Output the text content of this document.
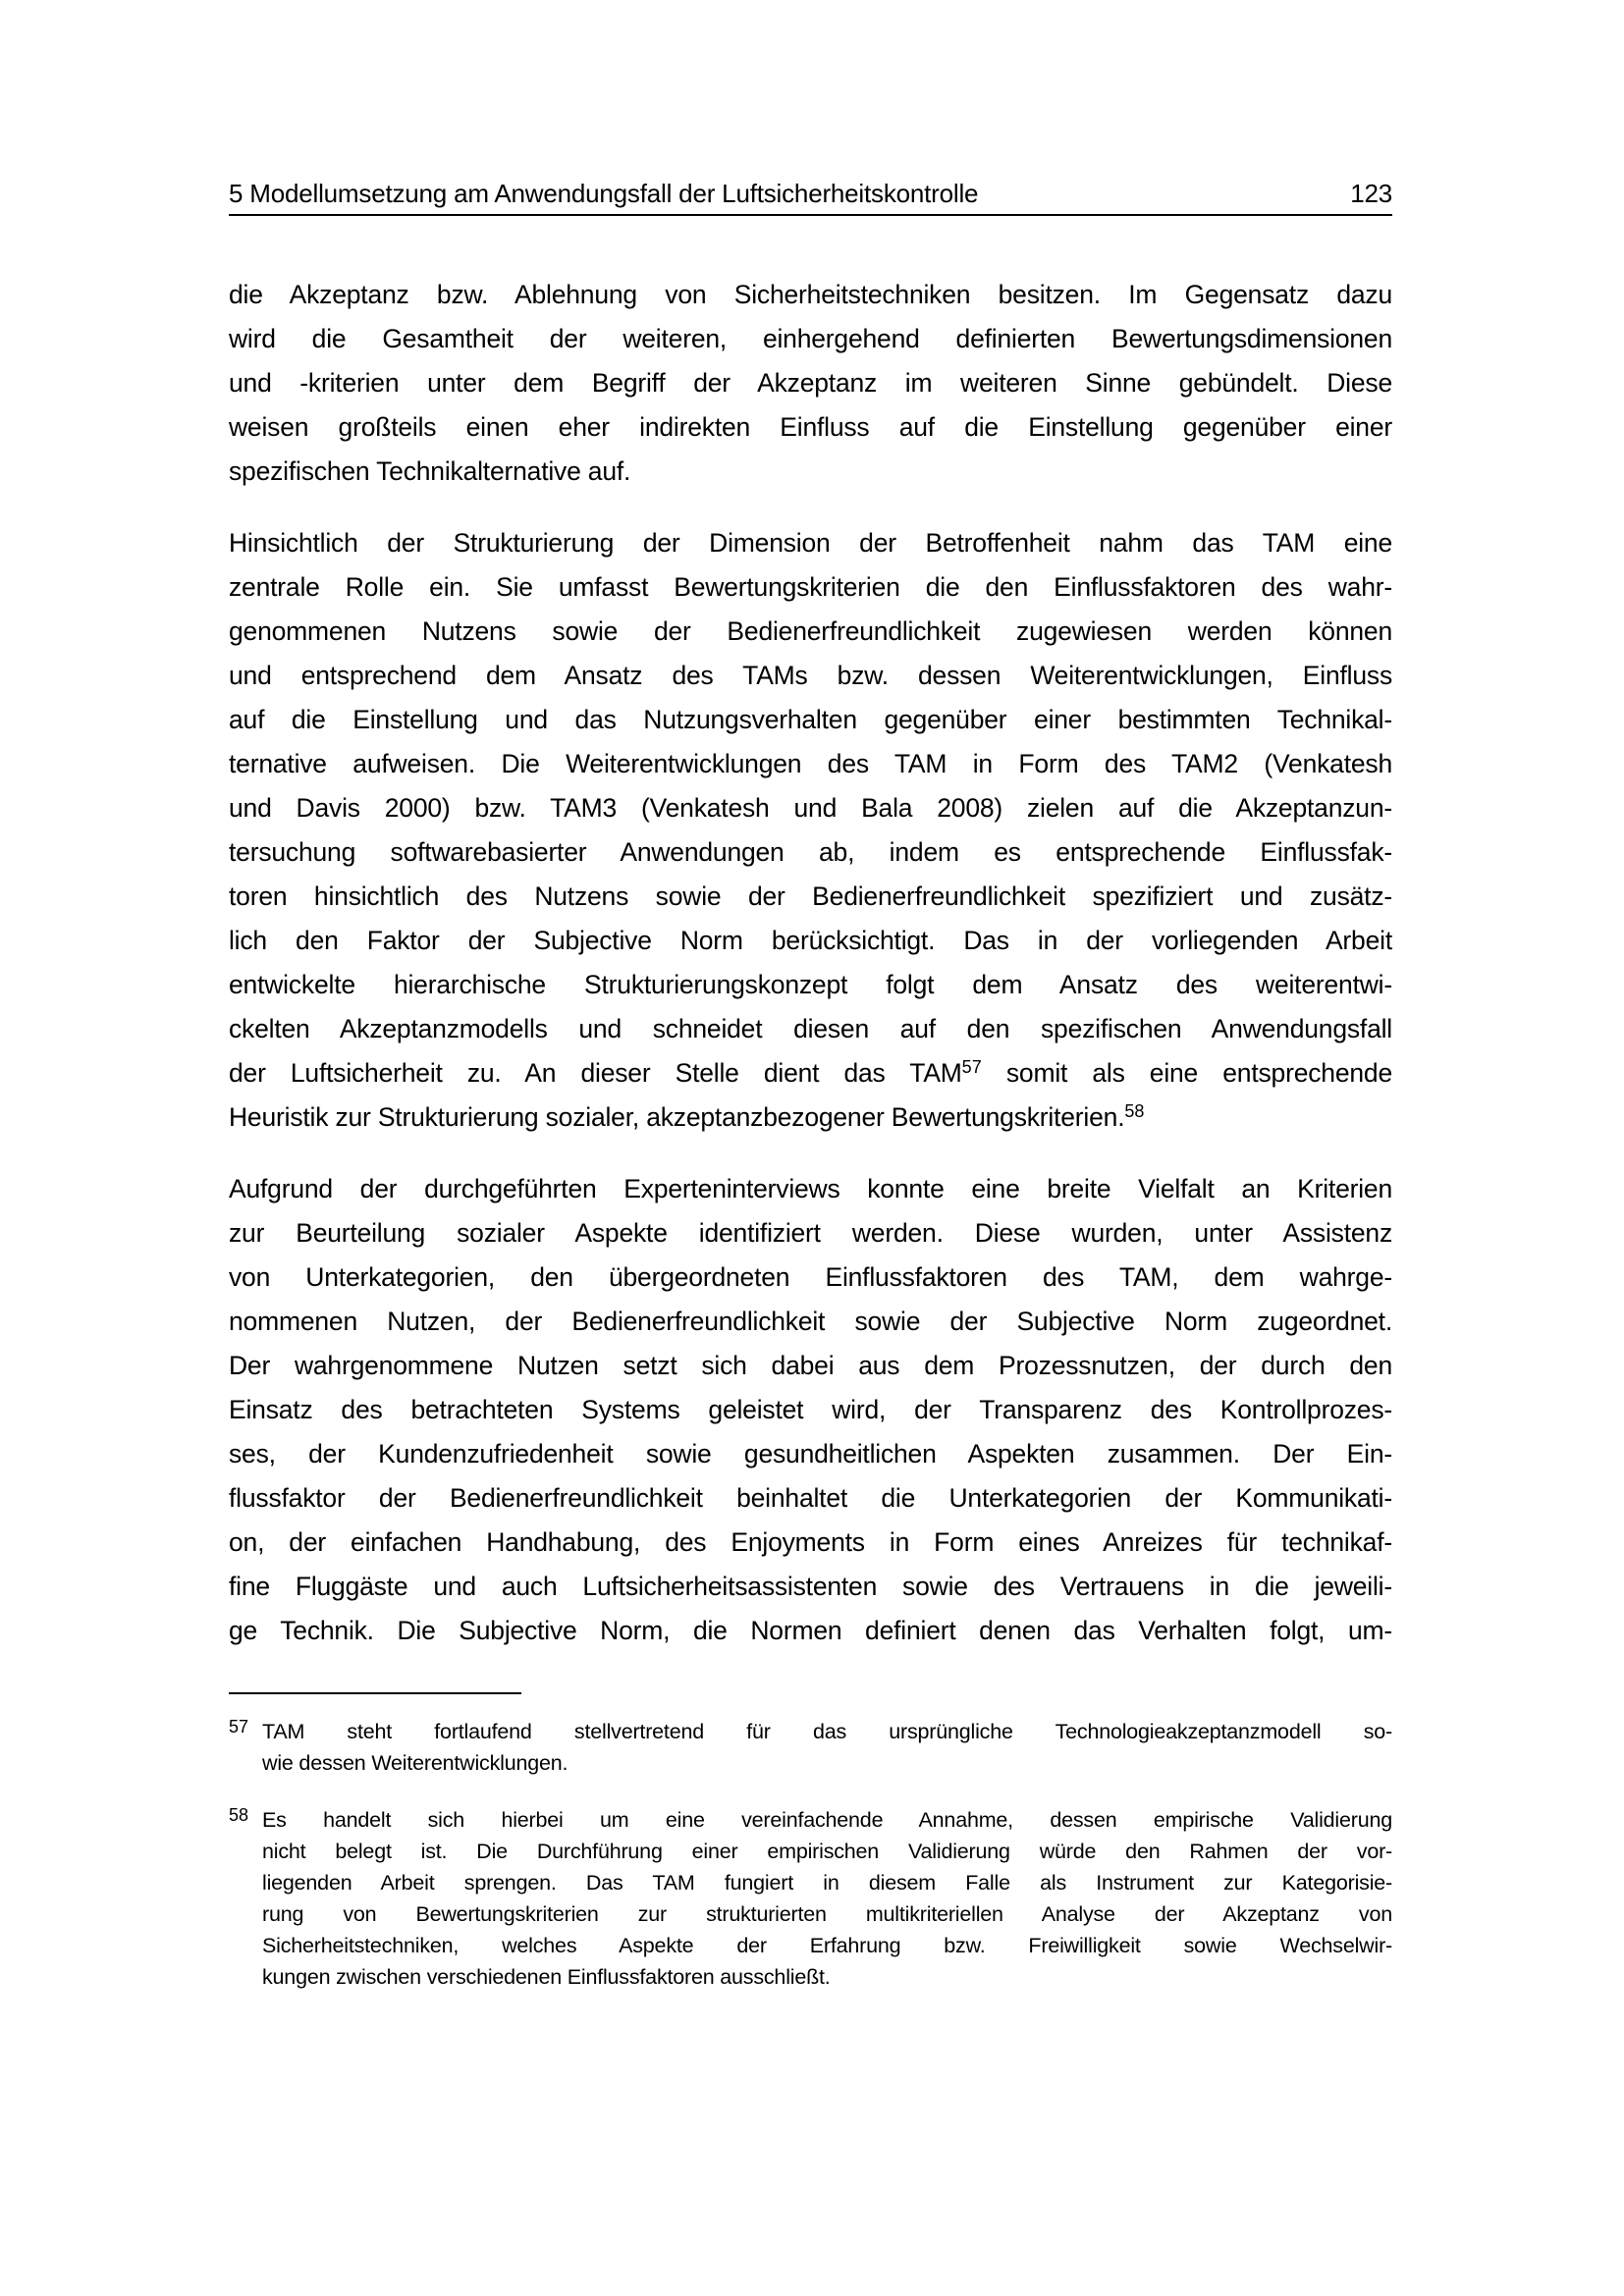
5 Modellumsetzung am Anwendungsfall der Luftsicherheitskontrolle	123
die Akzeptanz bzw. Ablehnung von Sicherheitstechniken besitzen. Im Gegensatz dazu
wird die Gesamtheit der weiteren, einhergehend definierten Bewertungsdimensionen
und -kriterien unter dem Begriff der Akzeptanz im weiteren Sinne gebündelt. Diese
weisen großteils einen eher indirekten Einfluss auf die Einstellung gegenüber einer
spezifischen Technikalternative auf.
Hinsichtlich der Strukturierung der Dimension der Betroffenheit nahm das TAM eine
zentrale Rolle ein. Sie umfasst Bewertungskriterien die den Einflussfaktoren des wahr-
genommenen Nutzens sowie der Bedienerfreundlichkeit zugewiesen werden können
und entsprechend dem Ansatz des TAMs bzw. dessen Weiterentwicklungen, Einfluss
auf die Einstellung und das Nutzungsverhalten gegenüber einer bestimmten Technikal-
ternative aufweisen. Die Weiterentwicklungen des TAM in Form des TAM2 (Venkatesh
und Davis 2000) bzw. TAM3 (Venkatesh und Bala 2008) zielen auf die Akzeptanzun-
tersuchung softwarebasierter Anwendungen ab, indem es entsprechende Einflussfak-
toren hinsichtlich des Nutzens sowie der Bedienerfreundlichkeit spezifiziert und zusätz-
lich den Faktor der Subjective Norm berücksichtigt. Das in der vorliegenden Arbeit
entwickelte hierarchische Strukturierungskonzept folgt dem Ansatz des weiterentwi-
ckelten Akzeptanzmodells und schneidet diesen auf den spezifischen Anwendungsfall
der Luftsicherheit zu. An dieser Stelle dient das TAM$^{57}$ somit als eine entsprechende
Heuristik zur Strukturierung sozialer, akzeptanzbezogener Bewertungskriterien.$^{58}$
Aufgrund der durchgeführten Experteninterviews konnte eine breite Vielfalt an Kriterien
zur Beurteilung sozialer Aspekte identifiziert werden. Diese wurden, unter Assistenz
von Unterkategorien, den übergeordneten Einflussfaktoren des TAM, dem wahrge-
nommenen Nutzen, der Bedienerfreundlichkeit sowie der Subjective Norm zugeordnet.
Der wahrgenommene Nutzen setzt sich dabei aus dem Prozessnutzen, der durch den
Einsatz des betrachteten Systems geleistet wird, der Transparenz des Kontrollprozes-
ses, der Kundenzufriedenheit sowie gesundheitlichen Aspekten zusammen. Der Ein-
flussfaktor der Bedienerfreundlichkeit beinhaltet die Unterkategorien der Kommunikati-
on, der einfachen Handhabung, des Enjoyments in Form eines Anreizes für technikaf-
fine Fluggäste und auch Luftsicherheitsassistenten sowie des Vertrauens in die jeweili-
ge Technik. Die Subjective Norm, die Normen definiert denen das Verhalten folgt, um-
57 TAM steht fortlaufend stellvertretend für das ursprüngliche Technologieakzeptanzmodell so-
wie dessen Weiterentwicklungen.
58 Es handelt sich hierbei um eine vereinfachende Annahme, dessen empirische Validierung
nicht belegt ist. Die Durchführung einer empirischen Validierung würde den Rahmen der vor-
liegenden Arbeit sprengen. Das TAM fungiert in diesem Falle als Instrument zur Kategorisie-
rung von Bewertungskriterien zur strukturierten multikriteriellen Analyse der Akzeptanz von
Sicherheitstechniken, welches Aspekte der Erfahrung bzw. Freiwilligkeit sowie Wechselwir-
kungen zwischen verschiedenen Einflussfaktoren ausschließt.
